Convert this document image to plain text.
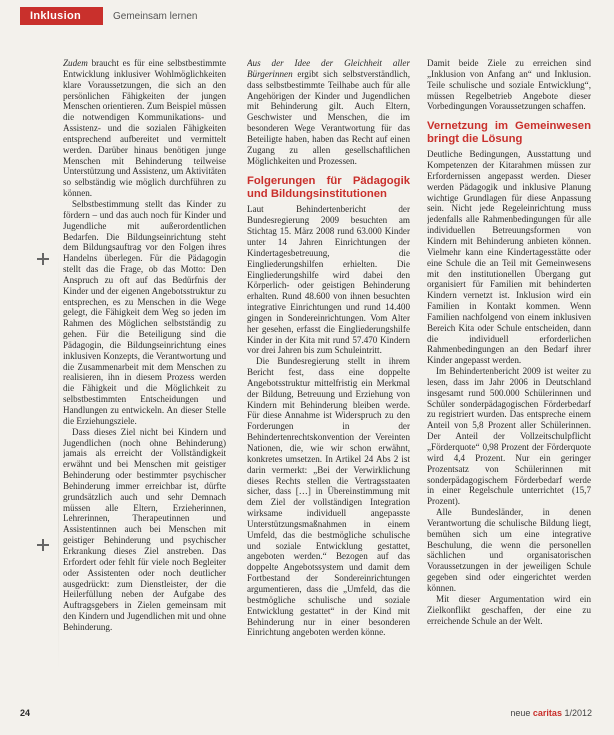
Inklusion	Gemeinsam lernen

Zudem braucht es für eine selbstbestimmte Entwicklung inklusiver Wohlmöglichkeiten klare Voraussetzungen, die sich an den persönlichen Fähigkeiten der jungen Menschen orientieren. Zum Beispiel müssen die notwendigen Kommunikations- und Assistenz- und die sozialen Fähigkeiten entsprechend aufbereitet und vermittelt werden. Darüber hinaus benötigen junge Menschen mit Behinderung teilweise Unterstützung und Assistenz, um Aktivitäten so selbständig wie möglich durchführen zu können.

Selbstbestimmung stellt das Kinder zu fördern – und das auch noch für Kinder und Jugendliche mit außerordentlichen Bedarfen. Die Bildungseinrichtung steht dem Bildungsauftrag vor den Folgen ihres Handelns überlegen. Für die Pädagogin stellt das die Frage, ob das Motto: Den Anspruch zu oft auf das Bedürfnis der Kinder und der eigenen Angebotsstruktur zu entsprechen, es zu Menschen in die Wege gelegt, die Fähigkeit dem Weg so jeden im Rahmen des Möglichen selbstständig zu gehen. Für die Beteiligung sind die Pädagogin, die Bildungseinrichtung eines inklusiven Konzepts, die Verantwortung und die Zusammenarbeit mit dem Menschen zu realisieren, ihn in diesem Prozess werden die Fähigkeit und die Möglichkeit zu selbstbestimmten Entscheidungen und Handlungen zu entwickeln. An dieser Stelle die Erziehungsziele.

Dass dieses Ziel nicht bei Kindern und Jugendlichen (noch ohne Behinderung) jamais als erreicht der Vollständigkeit erwähnt und bei Menschen mit geistiger Behinderung oder bestimmter psychischer Behinderung immer erreichbar ist, dürfte grundsätzlich auch und sehr Demnach müssen alle Eltern, Erzieherinnen, Lehrerinnen, Therapeutinnen und Assistentinnen auch bei Menschen mit geistiger Behinderung und psychischer Erkrankung dieses Ziel anstreben. Das Erfordert oder fehlt für viele noch Begleiter oder Assistenten oder noch deutlicher ausgedrückt: zum Dienstleister, der die Heilerfüllung neben der Aufgabe des Auftragsgebers in Zielen gemeinsam mit den Kindern und Jugendlichen mit und ohne Behinderung.

Aus der Idee der Gleichheit aller Bürgerinnen ergibt sich selbstverständlich, dass selbstbestimmte Teilhabe auch für alle Angehörigen der Kinder und Jugendlichen mit Behinderung gilt. Auch Eltern, Geschwister und Menschen, die im besonderen Wege Verantwortung für das Beteiligte haben, haben das Recht auf einen Zugang zu allen gesellschaftlichen Möglichkeiten und Prozessen.

Folgerungen für Pädagogik und Bildungsinstitutionen

Laut Behindertenbericht der Bundesregierung 2009 besuchten am Stichtag 15. März 2008 rund 63.000 Kinder unter 14 Jahren Einrichtungen der Kindertagesbetreuung, die Eingliederungshilfen erhielten. Die Eingliederungshilfe wird dabei den Körperlich- oder geistigen Behinderung erhalten. Rund 48.600 von ihnen besuchten integrative Einrichtungen und rund 14.400 gingen in Sondereinrichtungen. Vom Alter her gesehen, erfasst die Eingliederungshilfe Kinder in der Kita mit rund 57.470 Kindern vor drei Jahren bis zum Schuleintritt.

Die Bundesregierung stellt in ihrem Bericht fest, dass eine doppelte Angebotsstruktur mittelfristig ein Merkmal der Bildung, Betreuung und Erziehung von Kindern mit Behinderung bleiben werde. Für diese Annahme ist Widerspruch zu den Forderungen in der Behindertenrechtskonvention der Vereinten Nationen, die, wie wir schon erwähnt, konkretes umsetzen. In Artikel 24 Abs 2 ist darin vermerkt: „Bei der Verwirklichung dieses Rechts stellen die Vertragsstaaten sicher, dass […] in Übereinstimmung mit dem Ziel der vollständigen Integration wirksame individuell angepasste Unterstützungsmaßnahmen in einem Umfeld, das die bestmögliche schulische und soziale Entwicklung gestattet, angeboten werden.“ Bezogen auf das doppelte Angebotssystem und damit dem Fortbestand der Sondereinrichtungen argumentieren, dass die „Umfeld, das die bestmögliche schulische und soziale Entwicklung gestattet“ in der Kind mit Behinderung nur in einer besonderen Einrichtung angeboten werden könne.

Damit beide Ziele zu erreichen sind „Inklusion von Anfang an“ und Inklusion. Teile schulische und soziale Entwicklung“, müssen Regelbetrieb Angebote dieser Vorbedingungen Voraussetzungen schaffen.

Vernetzung im Gemeinwesen bringt die Lösung

Deutliche Bedingungen, Ausstattung und Kompetenzen der Kitarahmen müssen zur Erfordernissen angepasst werden. Dieser werden Pädagogik und inklusive Planung wichtige Grundlagen für diese Anpassung sein. Nicht jede Regeleinrichtung muss jedenfalls alle Rahmenbedingungen für alle individuellen Betreuungsformen von Kindern mit Behinderung anbieten können. Vielmehr kann eine Kindertagesstätte oder eine Schule die an Teil mit Gemeinwesens mit den institutionellen Übergang gut organisiert für Familien mit behinderten Kindern vernetzt ist. Inklusion wird ein Familien in Kontakt kommen. Wenn Familien nachfolgend von einem inklusiven Bereich Kita oder Schule entscheiden, dann die individuell erforderlichen Rahmenbedingungen an den Bedarf ihrer Kinder angepasst werden.

Im Behindertenbericht 2009 ist weiter zu lesen, dass im Jahr 2006 in Deutschland insgesamt rund 500.000 Schülerinnen und Schüler sonderpädagogischen Förderbedarf zu registriert wurden. Das entspreche einem Anteil von 5,8 Prozent aller Schülerinnen. Der Anteil der Vollzeitschulpflicht „Förderquote“ 0,98 Prozent der Förderquote wird 4,4 Prozent. Nur ein geringer Prozentsatz von Schülerinnen mit sonderpädagogischem Förderbedarf werde in einer Regelschule unterrichtet (15,7 Prozent).

Alle Bundesländer, in denen Verantwortung die schulische Bildung liegt, bemühen sich um eine integrative Beschulung, die wenn die personellen sächlichen und organisatorischen Voraussetzungen in der jeweiligen Schule gegeben sind oder eingerichtet werden können.

Mit dieser Argumentation wird ein Zielkonflikt geschaffen, der eine zu erreichende Schule an der Welt.

24	neue caritas 1/2012
